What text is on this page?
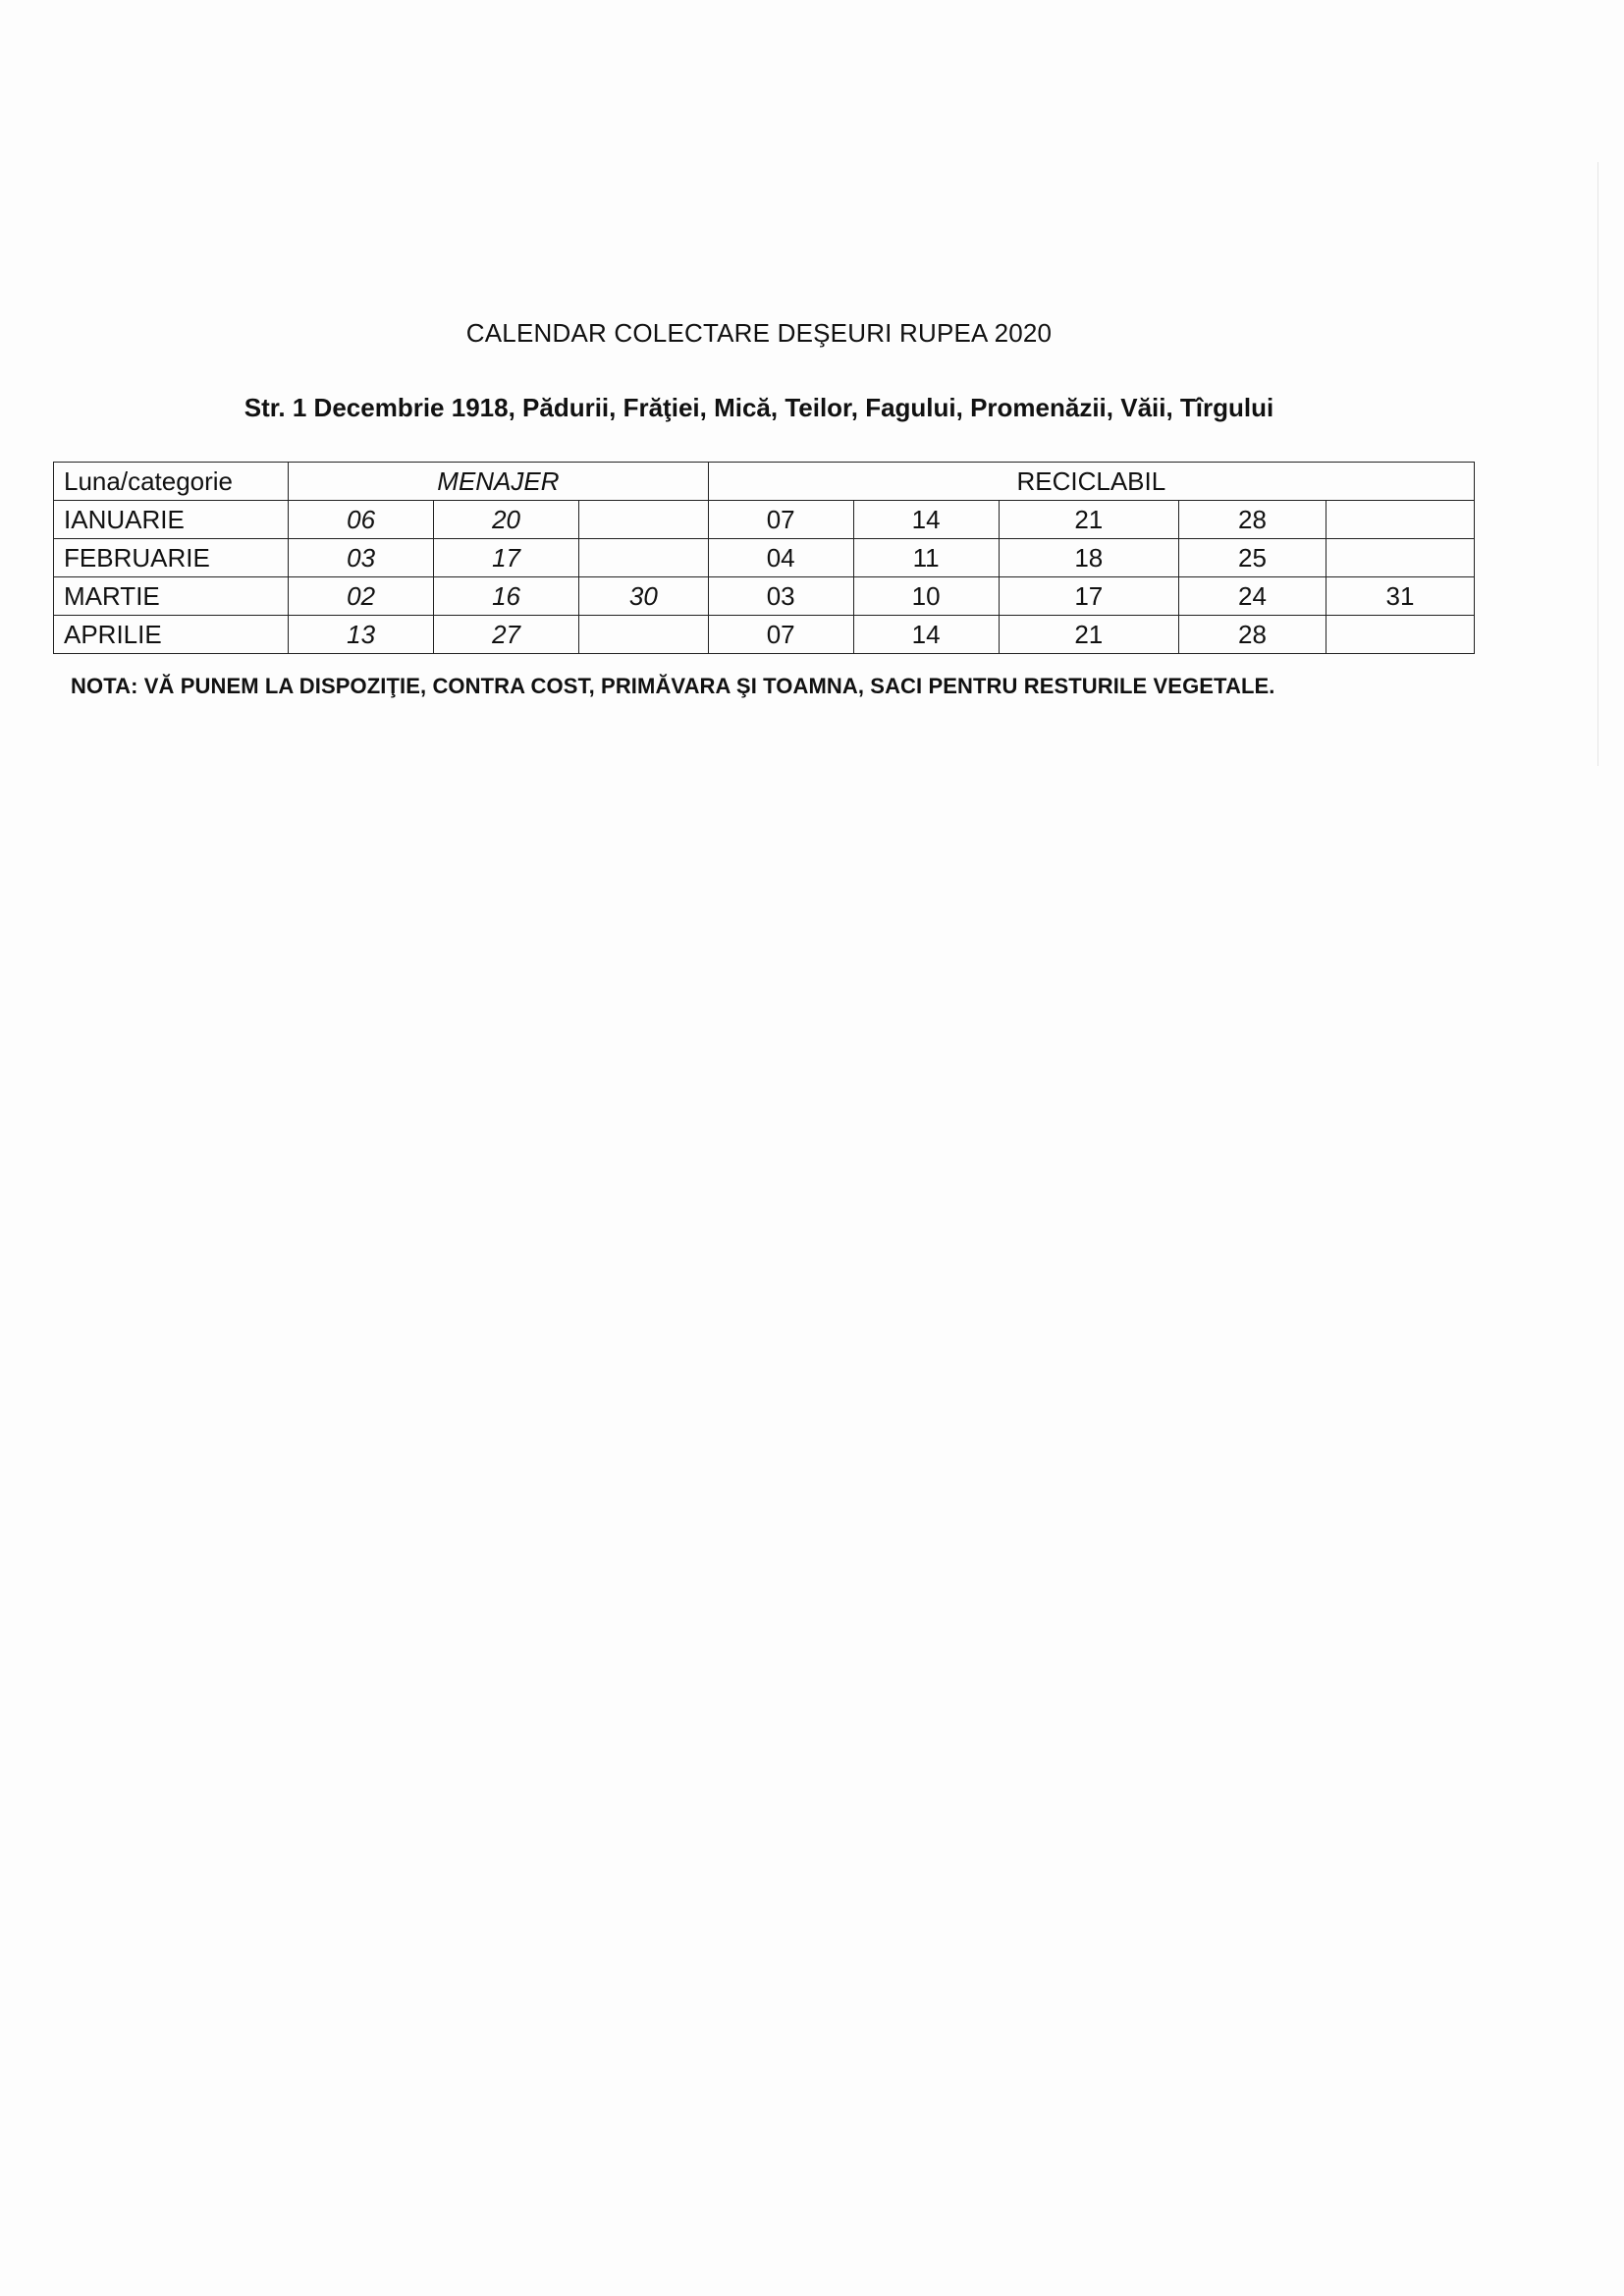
CALENDAR COLECTARE DEŞEURI RUPEA 2020
Str. 1 Decembrie 1918, Pădurii, Frăţiei, Mică, Teilor, Fagului, Promenăzii, Văii, Tîrgului
Luna/categorie	MENAJER			RECICLABIL				
IANUARIE	06	20		07	14	21	28	
FEBRUARIE	03	17		04	11	18	25	
MARTIE	02	16	30	03	10	17	24	31
APRILIE	13	27		07	14	21	28	
NOTA: VĂ PUNEM LA DISPOZIŢIE, CONTRA COST, PRIMĂVARA ŞI TOAMNA, SACI PENTRU RESTURILE VEGETALE.
